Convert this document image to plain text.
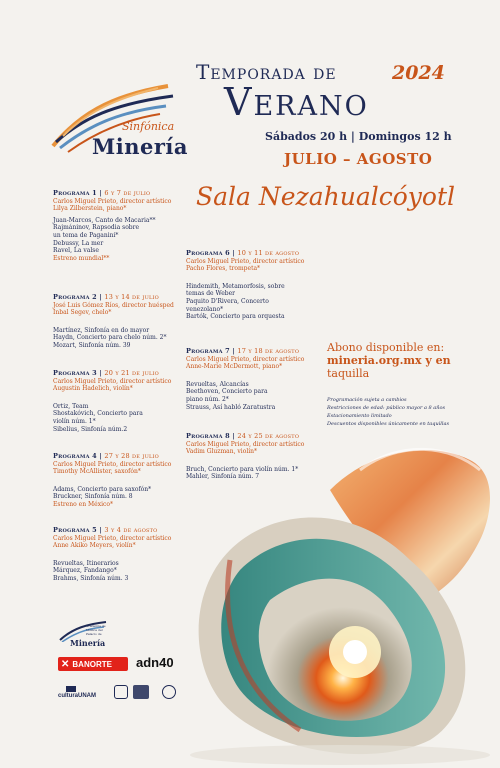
Sinfónica
Minería
Temporada de	2024
Verano
Sábados 20 h | Domingos 12 h
JULIO – AGOSTO
Sala Nezahualcóyotl
Programa 1 | 6 y 7 de julio
Carlos Miguel Prieto, director artístico
Lilya Zilberstein, piano*
Juan-Marcos, Canto de Macaria**
Rajmáninov, Rapsodia sobre
un tema de Paganini*
Debussy, La mer
Ravel, La valse
Estreno mundial**
Programa 2 | 13 y 14 de julio
José Luis Gómez Ríos, director huésped
Inbal Segev, chelo*
Martínez, Sinfonía en do mayor
Haydn, Concierto para chelo núm. 2*
Mozart, Sinfonía núm. 39
Programa 3 | 20 y 21 de julio
Carlos Miguel Prieto, director artístico
Augustin Hadelich, violín*
Ortiz, Team
Shostakóvich, Concierto para
violín núm. 1*
Sibelius, Sinfonía núm.2
Programa 4 | 27 y 28 de julio
Carlos Miguel Prieto, director artístico
Timothy McAllister, saxofón*
Adams, Concierto para saxofón*
Bruckner, Sinfonía núm. 8
Estreno en México*
Programa 5 | 3 y 4 de agosto
Carlos Miguel Prieto, director artístico
Anne Akiko Meyers, violín*
Revueltas, Itinerarios
Márquez, Fandango*
Brahms, Sinfonía núm. 3
Programa 6 | 10 y 11 de agosto
Carlos Miguel Prieto, director artístico
Pacho Flores, trompeta*
Hindemith, Metamorfosis, sobre
temas de Weber
Paquito D'Rivera, Concerto
venezolano*
Bartók, Concierto para orquesta
Programa 7 | 17 y 18 de agosto
Carlos Miguel Prieto, director artístico
Anne-Marie McDermott, piano*
Revueltas, Alcancías
Beethoven, Concierto para
piano núm. 2*
Strauss, Así habló Zaratustra
Programa 8 | 24 y 25 de agosto
Carlos Miguel Prieto, director artístico
Vadim Gluzman, violín*
Bruch, Concierto para violín núm. 1*
Mahler, Sinfonía núm. 7
Abono disponible en:
mineria.org.mx y en
taquilla
Programación sujeta a cambios
Restricciones de edad: público mayor a 8 años
Estacionamiento limitado
Descuentos disponibles únicamente en taquillas
Academia de Música del Palacio de
Minería
✕ BANORTE adn40
culturaUNAM
